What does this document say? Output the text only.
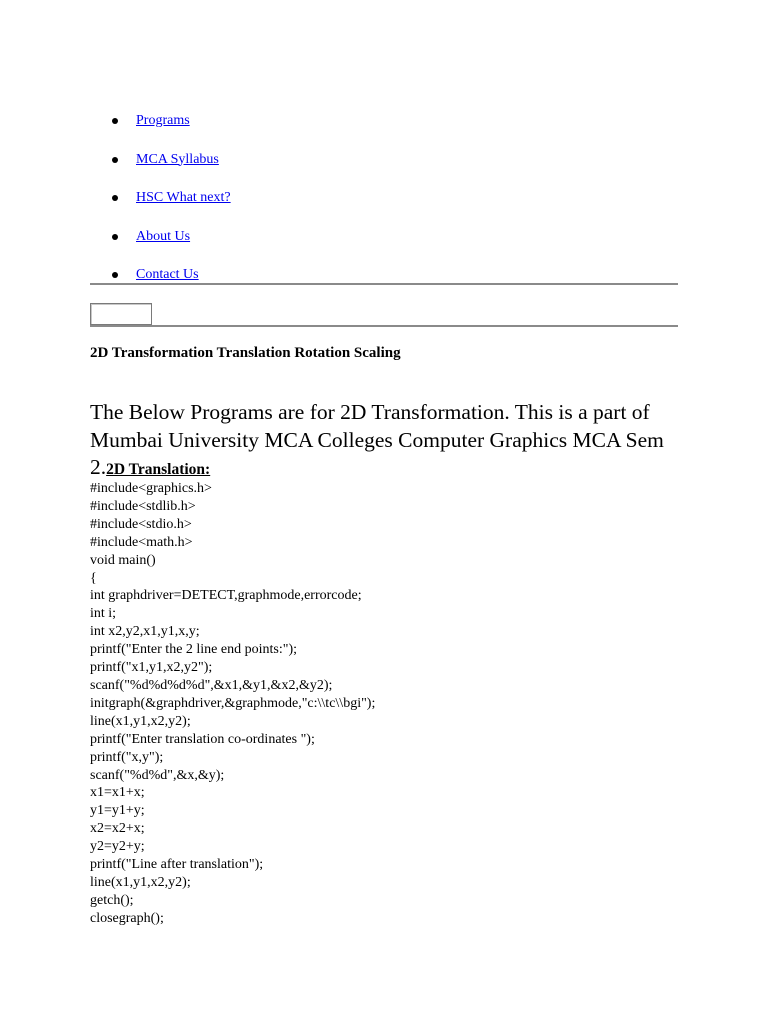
Programs
MCA Syllabus
HSC What next?
About Us
Contact Us
2D Transformation Translation Rotation Scaling

The Below Programs are for 2D Transformation. This is a part of Mumbai University MCA Colleges Computer Graphics MCA Sem 2.2D Translation:

#include<graphics.h>
#include<stdlib.h>
#include<stdio.h>
#include<math.h>
void main()
{
int graphdriver=DETECT,graphmode,errorcode;
int i;
int x2,y2,x1,y1,x,y;
printf("Enter the 2 line end points:");
printf("x1,y1,x2,y2");
scanf("%d%d%d%d",&x1,&y1,&x2,&y2);
initgraph(&graphdriver,&graphmode,"c:\\tc\\bgi");
line(x1,y1,x2,y2);
printf("Enter translation co-ordinates ");
printf("x,y");
scanf("%d%d",&x,&y);
x1=x1+x;
y1=y1+y;
x2=x2+x;
y2=y2+y;
printf("Line after translation");
line(x1,y1,x2,y2);
getch();
closegraph();
